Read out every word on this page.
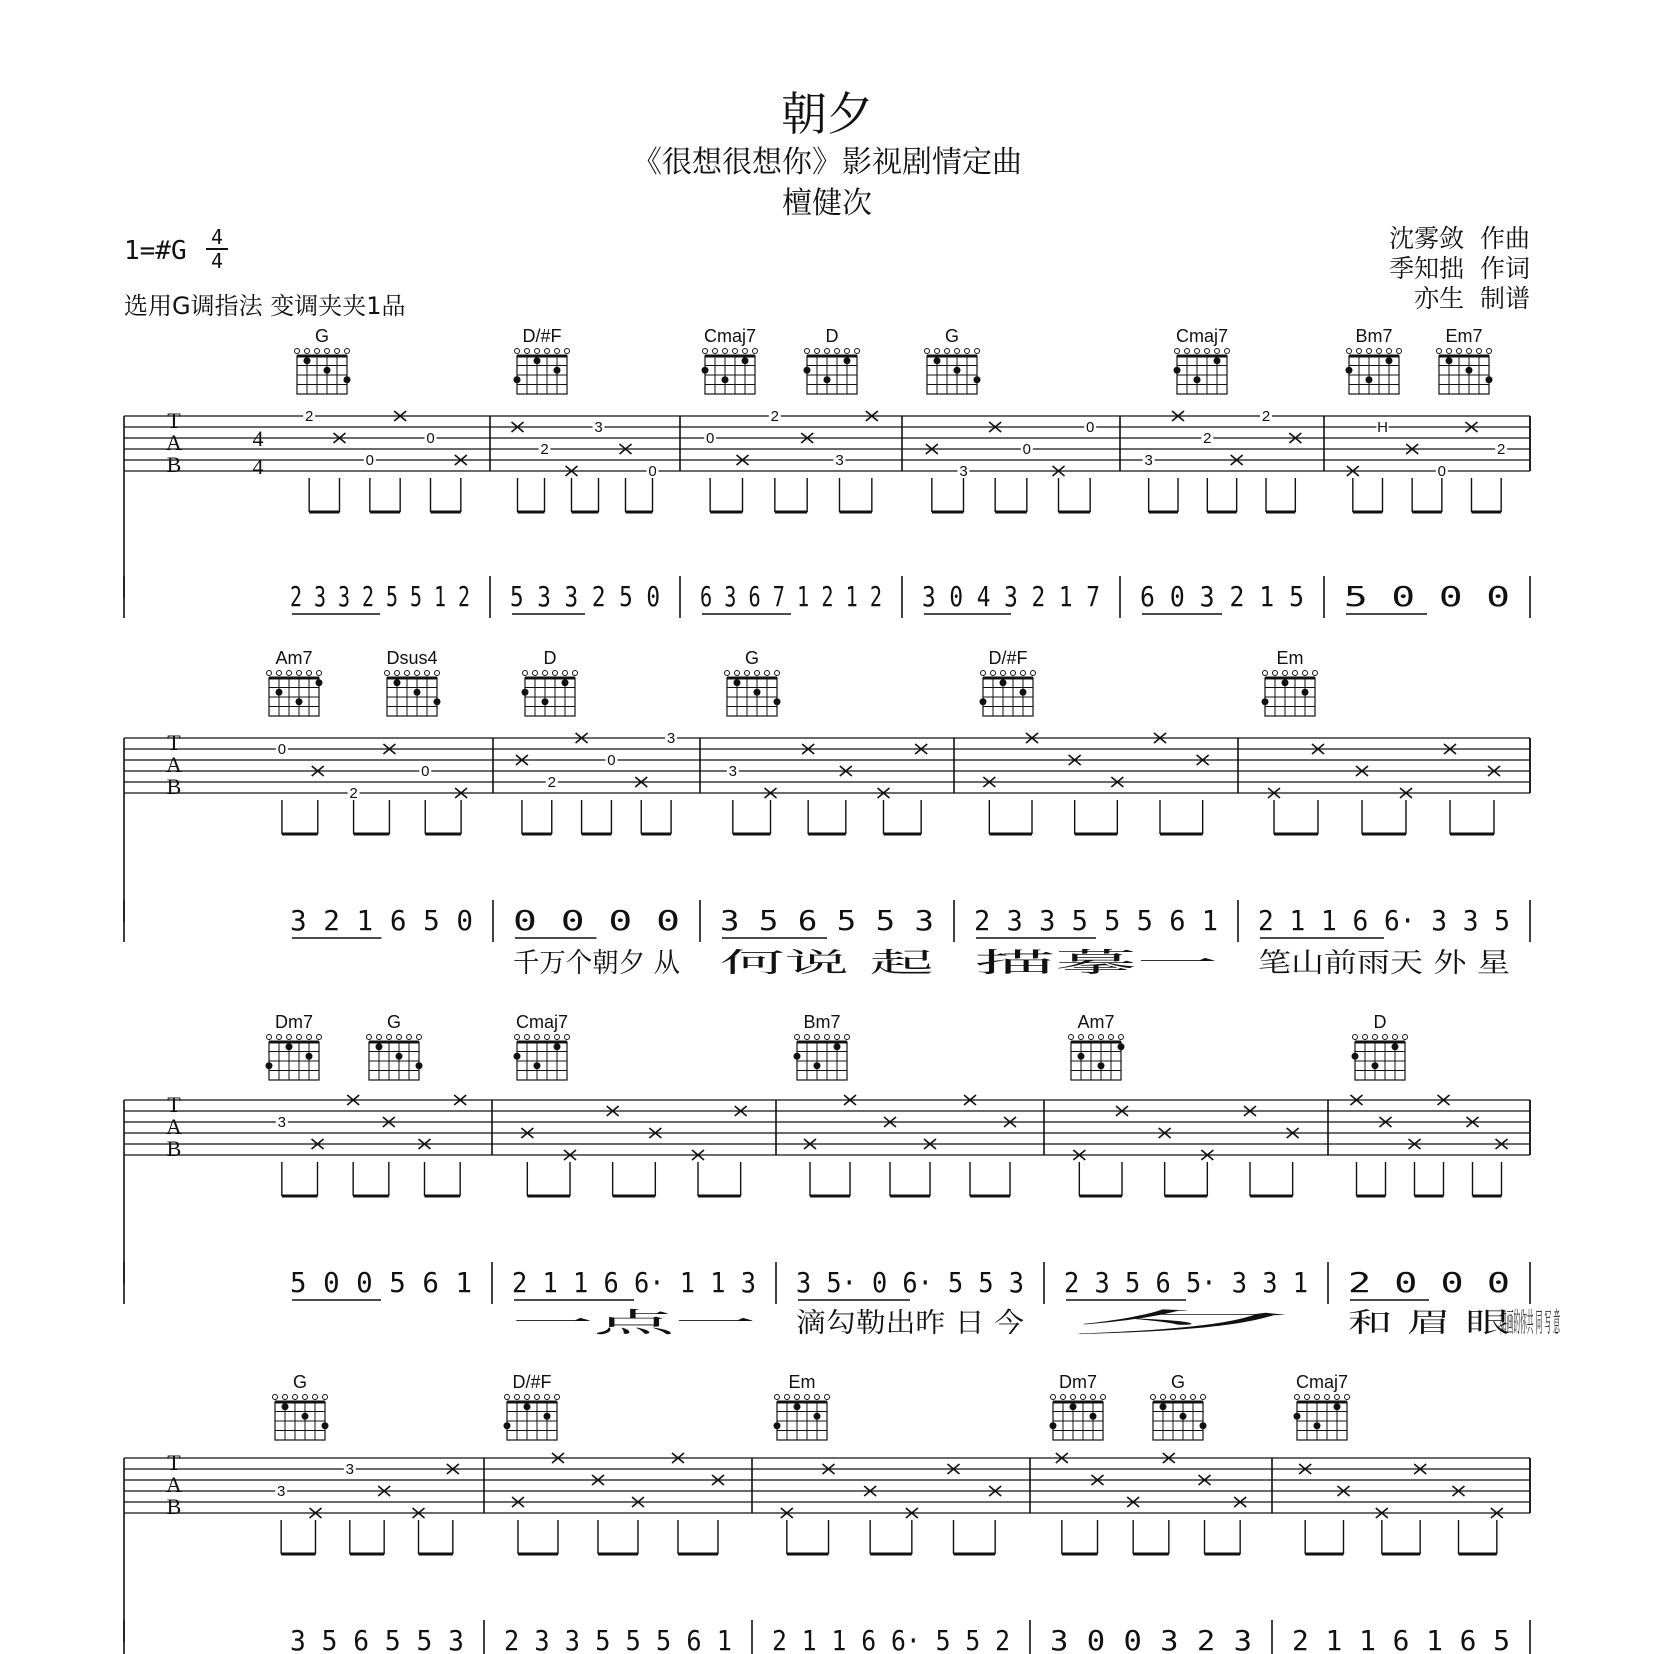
朝夕
《很想很想你》影视剧情定曲
檀健次
1=#G 4
4
选用G调指法 变调夹夹1品
沈雾敛  作曲
季知拙  作词
亦生  制谱
G	D/#F	Cmaj7	D	G	Cmaj7	Bm7	Em7
T
A
B
4
4
2
0
0
2
3
0
0
2
3
3
0
0
3
2
2
H
0
2
2 3 3 2 5 5 1 2 5 3 3 2 5 0 6 3 6 7 1 2 1 2 3 0 4 3 2 1 7 6 0 3 2 1 5 5 0 0 0
Am7	Dsus4	D	G	D/#F	Em
T
A
B
0
2
0
2
0
3
3
3 2 1 6 5 0 0 0 0 0 3 5 6 5 5 3 2 3 3 5 5 5 6 1 2 1 1 6 6· 3 3 5
千万个朝夕 从 何说 起 描摹一 笔山前雨天 外 星
Dm7	G	Cmaj7	Bm7	Am7	D
T
A
B
3
5 0 0 5 6 1 2 1 1 6 6· 1 1 3 3 5· 0 6· 5 5 3 2 3 5 6 5· 3 3 1 2 0 0 0
一点一 滴勾勒出昨 日 今 夕 和 眉 眼
如画的你共 同 写 意
G	D/#F	Em	Dm7	G	Cmaj7
T
A
B
3
3
3 5 6 5 5 3 2 3 3 5 5 5 6 1 2 1 1 6 6· 5 5 2 3 0 0 3 2 3 2 1 1 6 1 6 5
